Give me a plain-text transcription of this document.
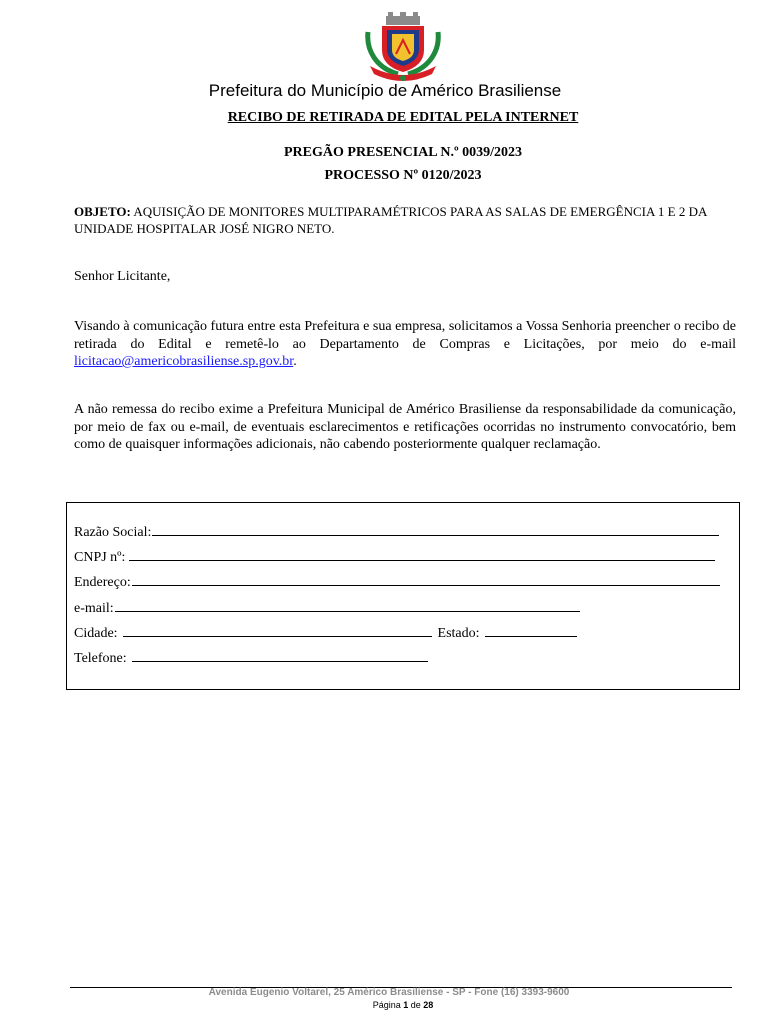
Prefeitura do Município de Américo Brasiliense
RECIBO DE RETIRADA DE EDITAL PELA INTERNET
PREGÃO PRESENCIAL N.º 0039/2023
PROCESSO Nº 0120/2023
OBJETO: AQUISIÇÃO DE MONITORES MULTIPARAMÉTRICOS PARA AS SALAS DE EMERGÊNCIA 1 E 2 DA UNIDADE HOSPITALAR JOSÉ NIGRO NETO.
Senhor Licitante,
Visando à comunicação futura entre esta Prefeitura e sua empresa, solicitamos a Vossa Senhoria preencher o recibo de retirada do Edital e remetê-lo ao Departamento de Compras e Licitações, por meio do e-mail licitacao@americobrasiliense.sp.gov.br.
A não remessa do recibo exime a Prefeitura Municipal de Américo Brasiliense da responsabilidade da comunicação, por meio de fax ou e-mail, de eventuais esclarecimentos e retificações ocorridas no instrumento convocatório, bem como de quaisquer informações adicionais, não cabendo posteriormente qualquer reclamação.
Razão Social:
CNPJ nº:
Endereço:
e-mail:
Cidade:	Estado:
Telefone:
Avenida Eugenio Voltarel, 25 Américo Brasiliense - SP - Fone (16) 3393-9600
Página 1 de 28
